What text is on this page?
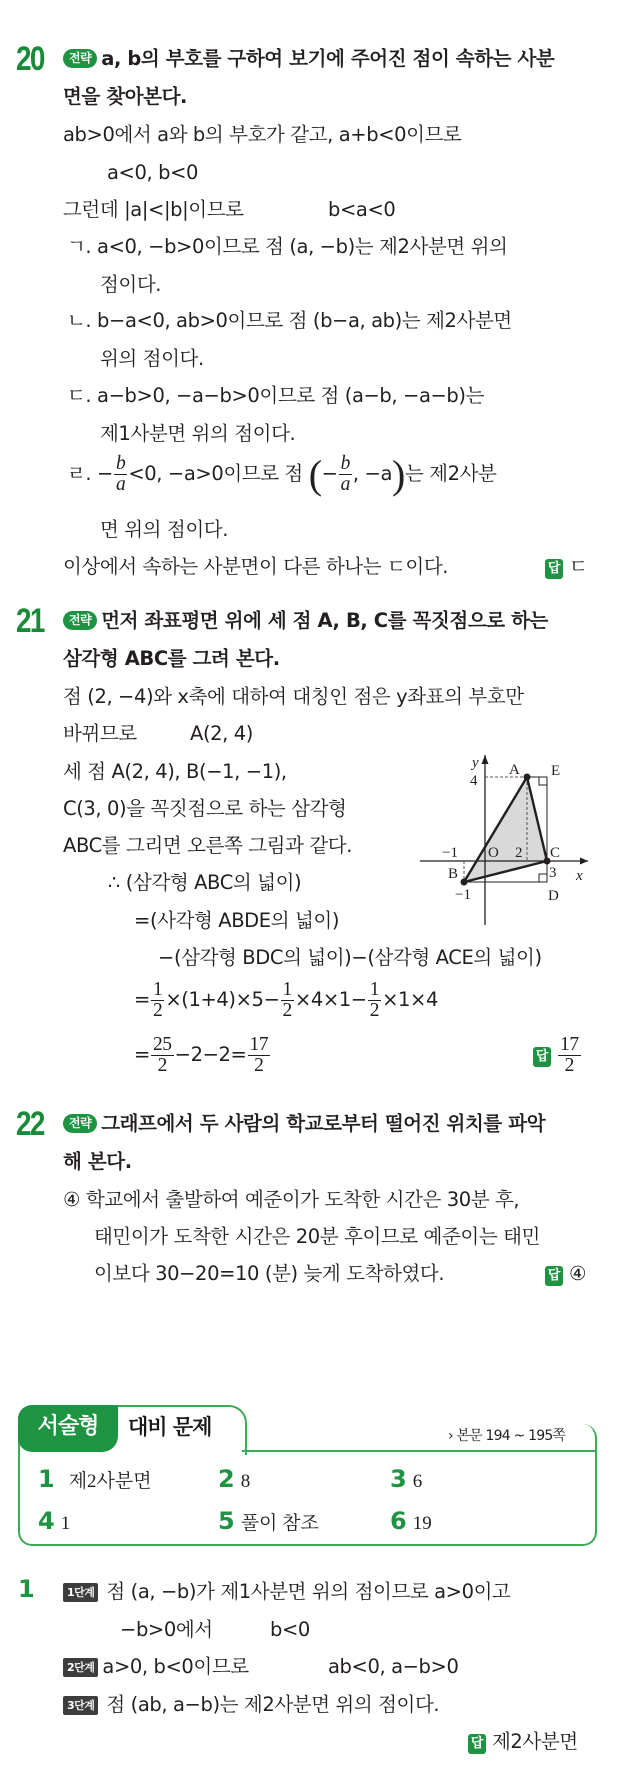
20	전략 a, b의 부호를 구하여 보기에 주어진 점이 속하는 사분
면을 찾아본다.
ab>0에서 a와 b의 부호가 같고, a+b<0이므로
a<0, b<0
그런데 |a|<|b|이므로	b<a<0
ㄱ. a<0, −b>0이므로 점 (a, −b)는 제2사분면 위의
점이다.
ㄴ. b−a<0, ab>0이므로 점 (b−a, ab)는 제2사분면
위의 점이다.
ㄷ. a−b>0, −a−b>0이므로 점 (a−b, −a−b)는
제1사분면 위의 점이다.
ㄹ. − $\frac{b}{a} <0$, −a>0이므로 점 (− $\frac{b}{a}$ , −a)는 제2사분
면 위의 점이다.
이상에서 속하는 사분면이 다른 하나는 ㄷ이다.	답 ㄷ
21	전략 먼저 좌표평면 위에 세 점 A, B, C를 꼭짓점으로 하는
삼각형 ABC를 그려 본다.
점 (2, −4)와 x축에 대하여 대칭인 점은 y좌표의 부호만
바뀌므로	A(2, 4)
세 점 A(2, 4), B(−1, −1),
C(3, 0)을 꼭짓점으로 하는 삼각형
ABC를 그리면 오른쪽 그림과 같다.
∴ (삼각형 ABC의 넓이)
=(사각형 ABDE의 넓이)
−(삼각형 BDC의 넓이)−(삼각형 ACE의 넓이)
= $\frac{1}{2} \times(1+4)\times 5- \frac{1}{2} \times 4\times 1- \frac{1}{2} \times 1\times 4$
= $\frac{25}{2} -2-2= \frac{17}{2}$	답 $\frac{17}{2}$
y A E
4
−1 O 2 C
B	3 x
−1	D
22	전략 그래프에서 두 사람의 학교로부터 떨어진 위치를 파악
해 본다.
④ 학교에서 출발하여 예준이가 도착한 시간은 30분 후,
태민이가 도착한 시간은 20분 후이므로 예준이는 태민
이보다 30−20=10 (분) 늦게 도착하였다.	답 ④
서술형	대비 문제	› 본문 194 ~ 195쪽
1 제2사분면	2 8	3 6
4 1	5 풀이 참조	6 19
1	1단계 점 (a, −b)가 제1사분면 위의 점이므로 a>0이고
−b>0에서	b<0
2단계 a>0, b<0이므로	ab<0, a−b>0
3단계 점 (ab, a−b)는 제2사분면 위의 점이다.
답 제2사분면
